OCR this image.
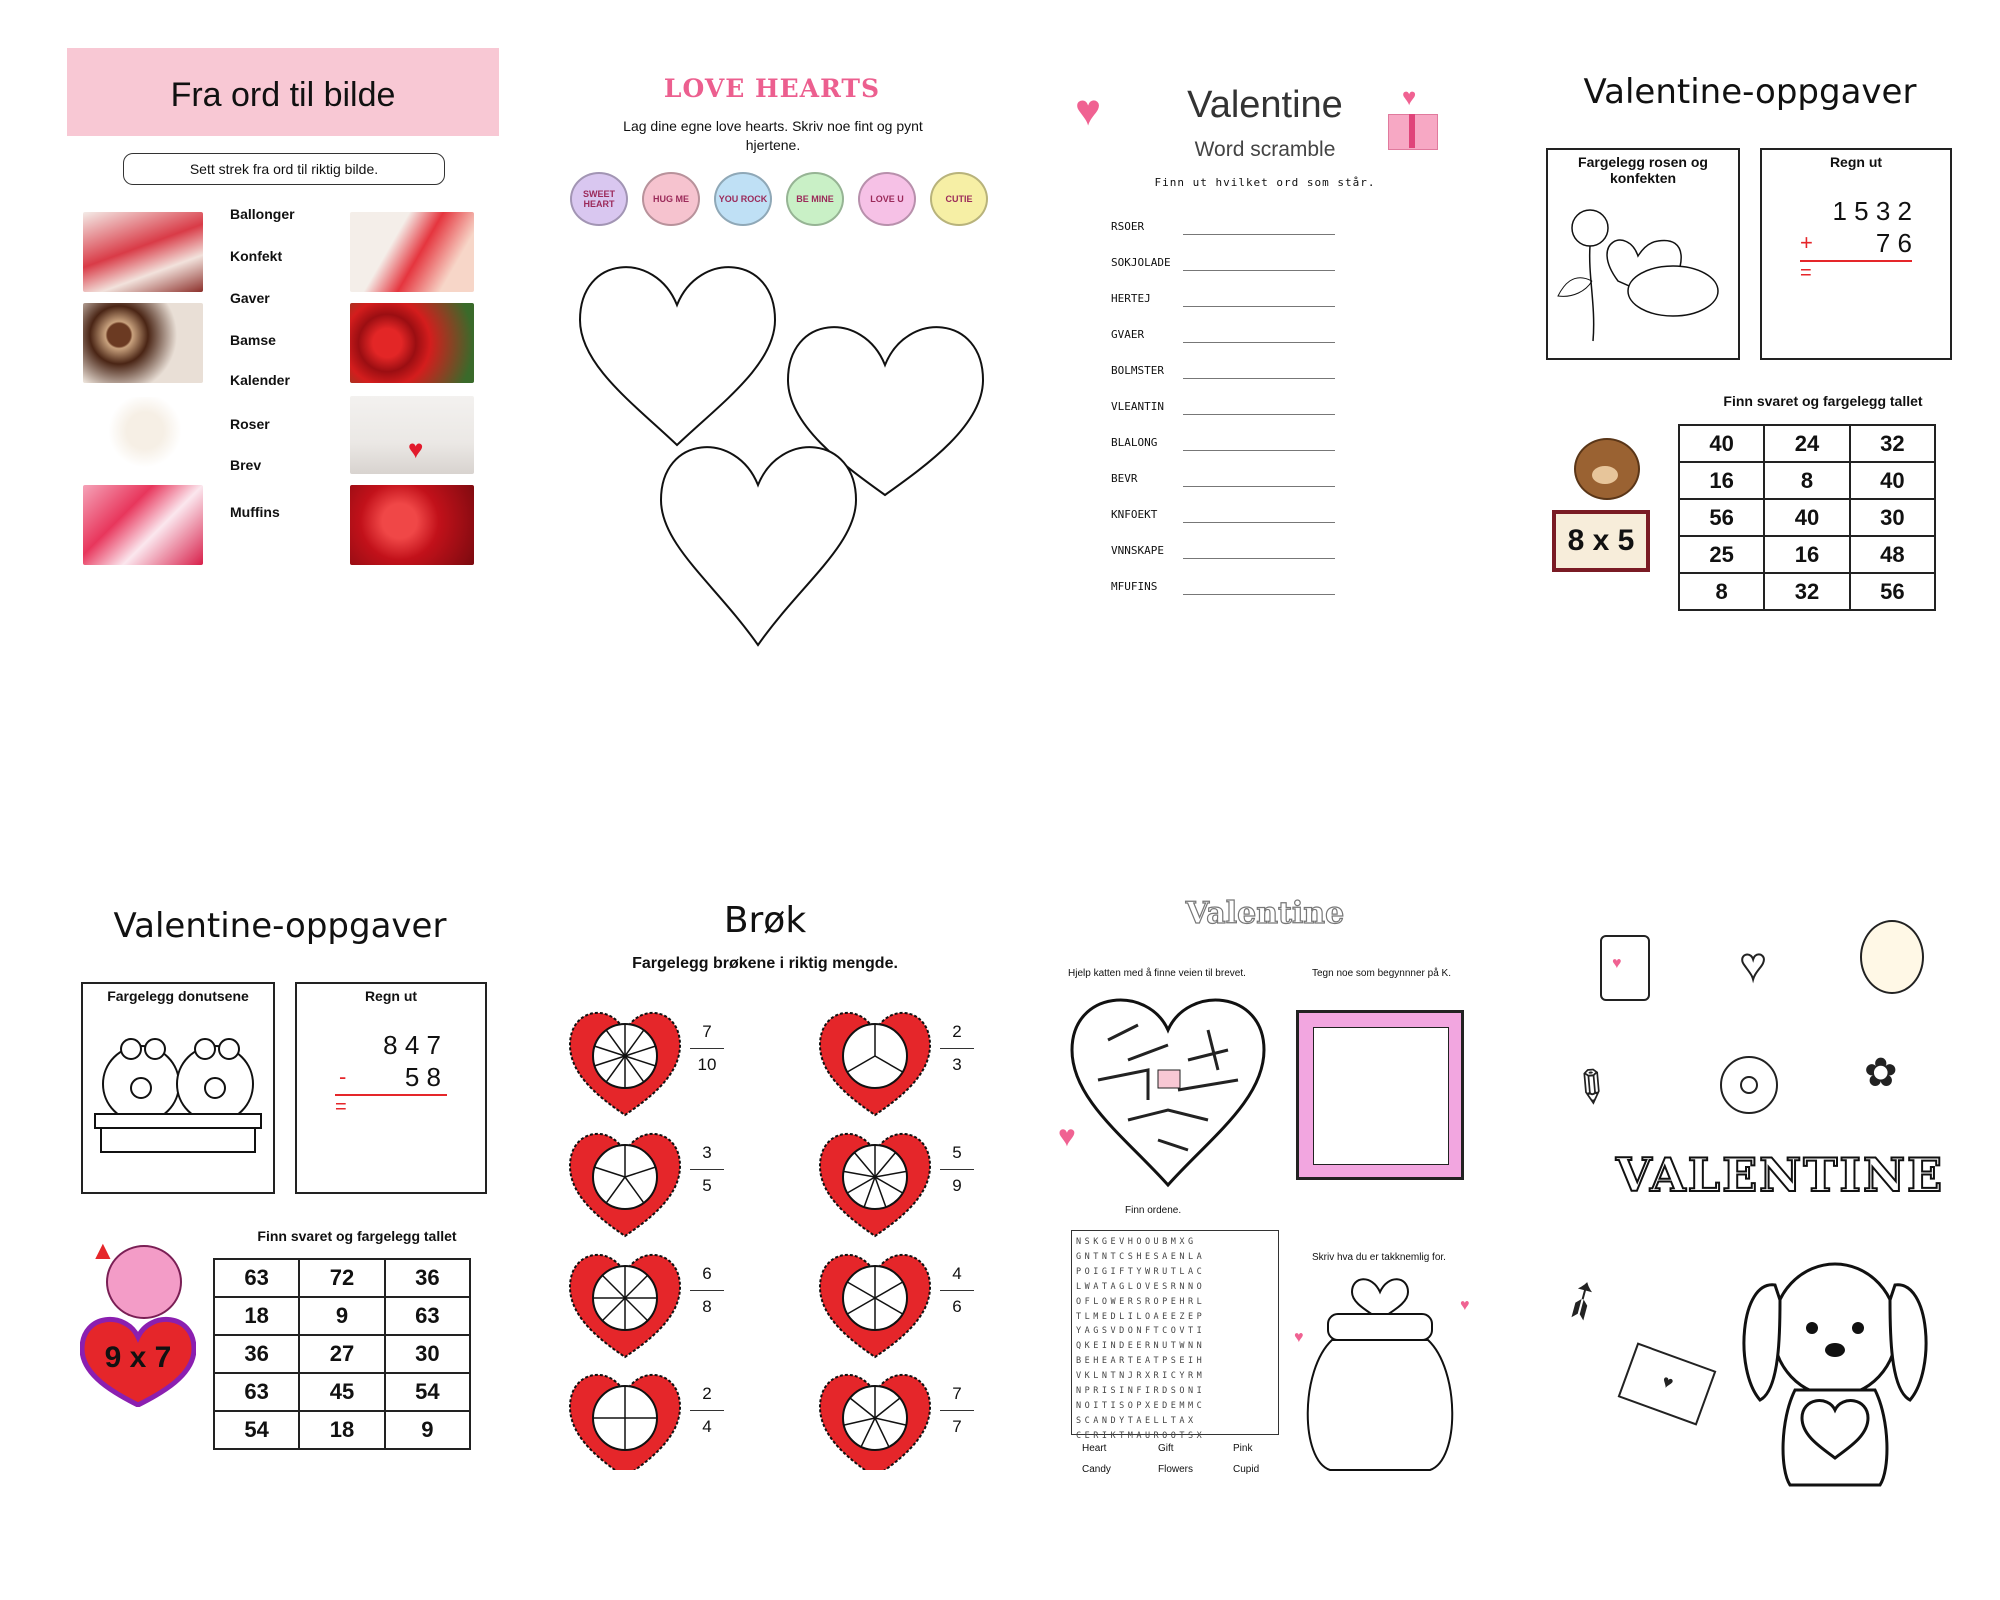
Fra ord til bilde
Sett strek fra ord til riktig bilde.
Ballonger
Konfekt
Gaver
Bamse
Kalender
Roser
Brev
Muffins
♥
LOVE HEARTS
Lag dine egne love hearts. Skriv noe fint og pynt hjertene.
SWEET HEART	HUG ME	YOU ROCK	BE MINE	LOVE U	CUTIE
♥	♥
Valentine
Word scramble
Finn ut hvilket ord som står.
RSOER
SOKJOLADE
HERTEJ
GVAER
BOLMSTER
VLEANTIN
BLALONG
BEVR
KNFOEKT
VNNSKAPE
MFUFINS
Valentine-oppgaver
Fargelegg rosen og konfekten
Regn ut
1 5 3 2
+ 7 6
=
Finn svaret og fargelegg tallet
8 x 5
40	24	32
16	8	40
56	40	30
25	16	48
8	32	56
Valentine-oppgaver
Fargelegg donutsene	Regn ut
8 4 7
- 5 8
=
Finn svaret og fargelegg tallet
▲
9 x 7
63	72	36
18	9	63
36	27	30
63	45	54
54	18	9
Brøk
Fargelegg brøkene i riktig mengde.
7
10
2
3
3
5
5
9
6
8
4
6
2
4
7
7
Valentine
Hjelp katten med å finne veien til brevet.	Tegn noe som begynnner på K.
♥
Finn ordene.
NSKGEVHOOUBMXG
GNTNTCSHESAENLA
POIGIFTYWRUTLAC
LWATAGLOVESRNNO
OFLOWERSROPEHRL
TLMEDLILOAEEZEP
YAGSVDONFTCOVTI
QKEINDEERNUTWNN
BEHEARTEATPSEIH
VKLNTNJRXRICYRM
NPRISINFIRDSONI
NOITISOPXEDEMMC
SCANDYTAELLTAX
CERIKTMAUROOTSX
Heart	Gift	Pink
Candy	Flowers	Cupid
Skriv hva du er takknemlig for.
♥
♥
♥	♥
✎	✿
VALENTINE
➶
♥
